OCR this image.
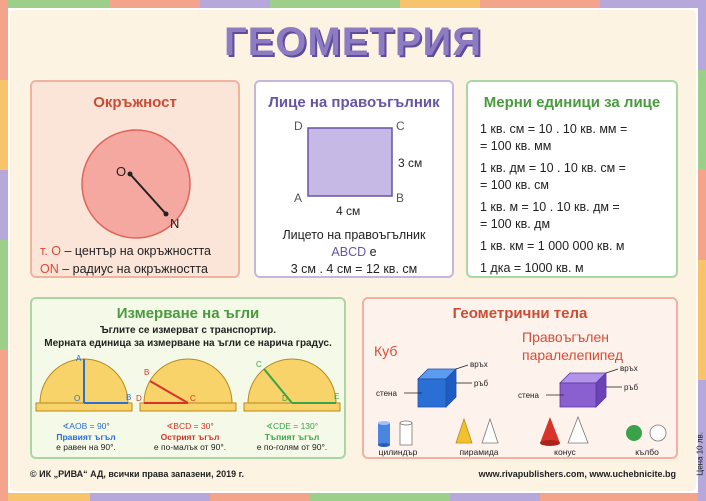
ГЕОМЕТРИЯ
Окръжност
O
N
т. О – център на окръжността
ON – радиус на окръжността
Лице на правоъгълник
D	C
A	B
3 см
4 см
Лицето на правоъгълник
ABCD е
3 см . 4 см = 12 кв. см
Мерни единици за лице
1 кв. см = 10 . 10 кв. мм =
= 100 кв. мм
1 кв. дм = 10 . 10 кв. см =
= 100 кв. см
1 кв. м = 10 . 10 кв. дм =
= 100 кв. дм
1 кв. км = 1 000 000 кв. м
1 дка = 1000 кв. м
Измерване на ъгли
Ъглите се измерват с транспортир.
Мерната единица за измерване на ъгли се нарича градус.
A
O	B
B
C
D
C
D	E
∢AOB = 90°
Правият ъгъл
е равен на 90°.
∢BCD = 30°
Острият ъгъл
е по-малък от 90°.
∢CDE = 130°
Тъпият ъгъл
е по-голям от 90°.
Геометрични тела
Куб
Правоъгълен
паралелепипед
връх
ръб
стена
връх
ръб
стена
цилиндър	пирамида	конус	кълбо
© ИК „РИВА“ АД, всички права запазени, 2019 г.	www.rivapublishers.com, www.uchebnicite.bg	Цена 10 лв.
